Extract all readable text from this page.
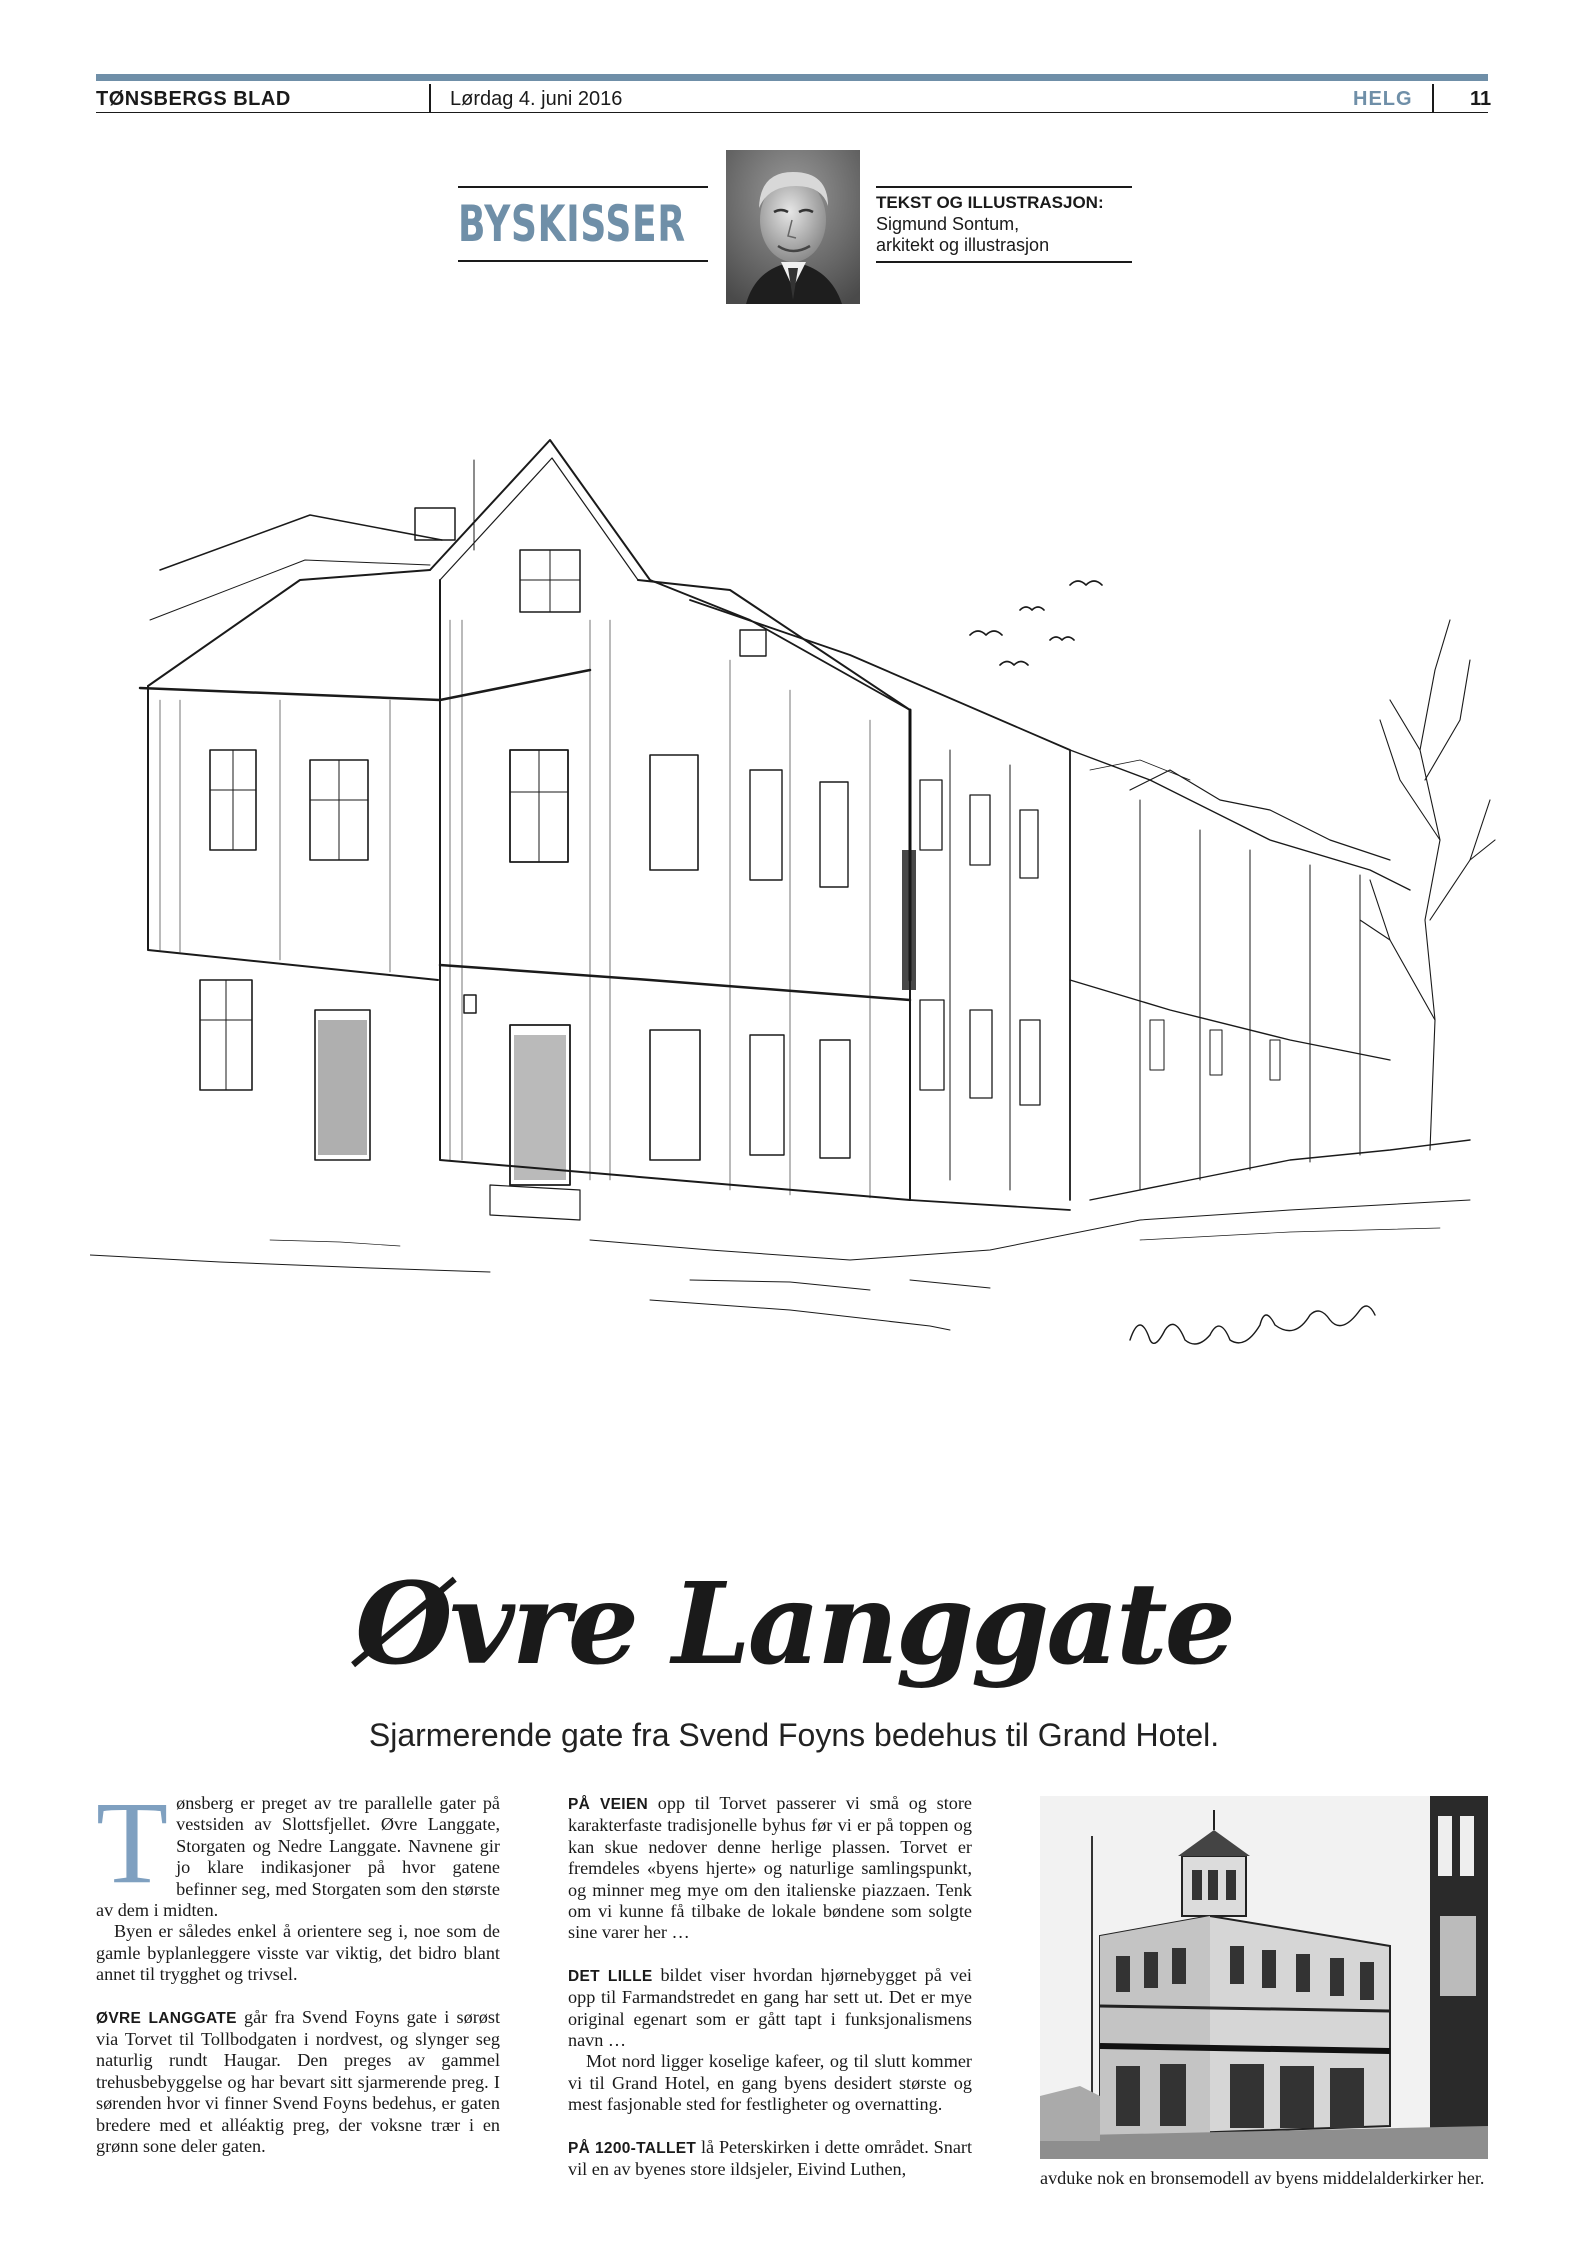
TØNSBERGS BLAD	Lørdag 4. juni 2016	HELG	11
BYSKISSER	TEKST OG ILLUSTRASJON:
Sigmund Sontum,
arkitekt og illustrasjon
Øvre Langgate
Sjarmerende gate fra Svend Foyns bedehus til Grand Hotel.

Tønsberg er preget av tre parallelle gater på vestsiden av Slottsfjellet. Øvre Langgate, Storgaten og Nedre Langgate. Navnene gir jo klare indikasjoner på hvor gatene befinner seg, med Storgaten som den største av dem i midten.

Byen er således enkel å orientere seg i, noe som de gamle byplanleggere visste var viktig, det bidro blant annet til trygghet og trivsel.

ØVRE LANGGATE går fra Svend Foyns gate i sørøst via Torvet til Tollbodgaten i nordvest, og slynger seg naturlig rundt Haugar. Den preges av gammel trehusbebyggelse og har bevart sitt sjarmerende preg. I sørenden hvor vi finner Svend Foyns bedehus, er gaten bredere med et alléaktig preg, der voksne trær i en grønn sone deler gaten.

PÅ VEIEN opp til Torvet passerer vi små og store karakterfaste tradisjonelle byhus før vi er på toppen og kan skue nedover denne herlige plassen. Torvet er fremdeles «byens hjerte» og naturlige samlingspunkt, og minner meg mye om den italienske piazzaen. Tenk om vi kunne få tilbake de lokale bøndene som solgte sine varer her …

DET LILLE bildet viser hvordan hjørnebygget på vei opp til Farmandstredet en gang har sett ut. Det er mye original egenart som er gått tapt i funksjonalismens navn …

Mot nord ligger koselige kafeer, og til slutt kommer vi til Grand Hotel, en gang byens desidert største og mest fasjonable sted for festligheter og overnatting.

PÅ 1200-TALLET lå Peterskirken i dette området. Snart vil en av byenes store ildsjeler, Eivind Luthen,	avduke nok en bronsemodell av byens middelalderkirker her.
